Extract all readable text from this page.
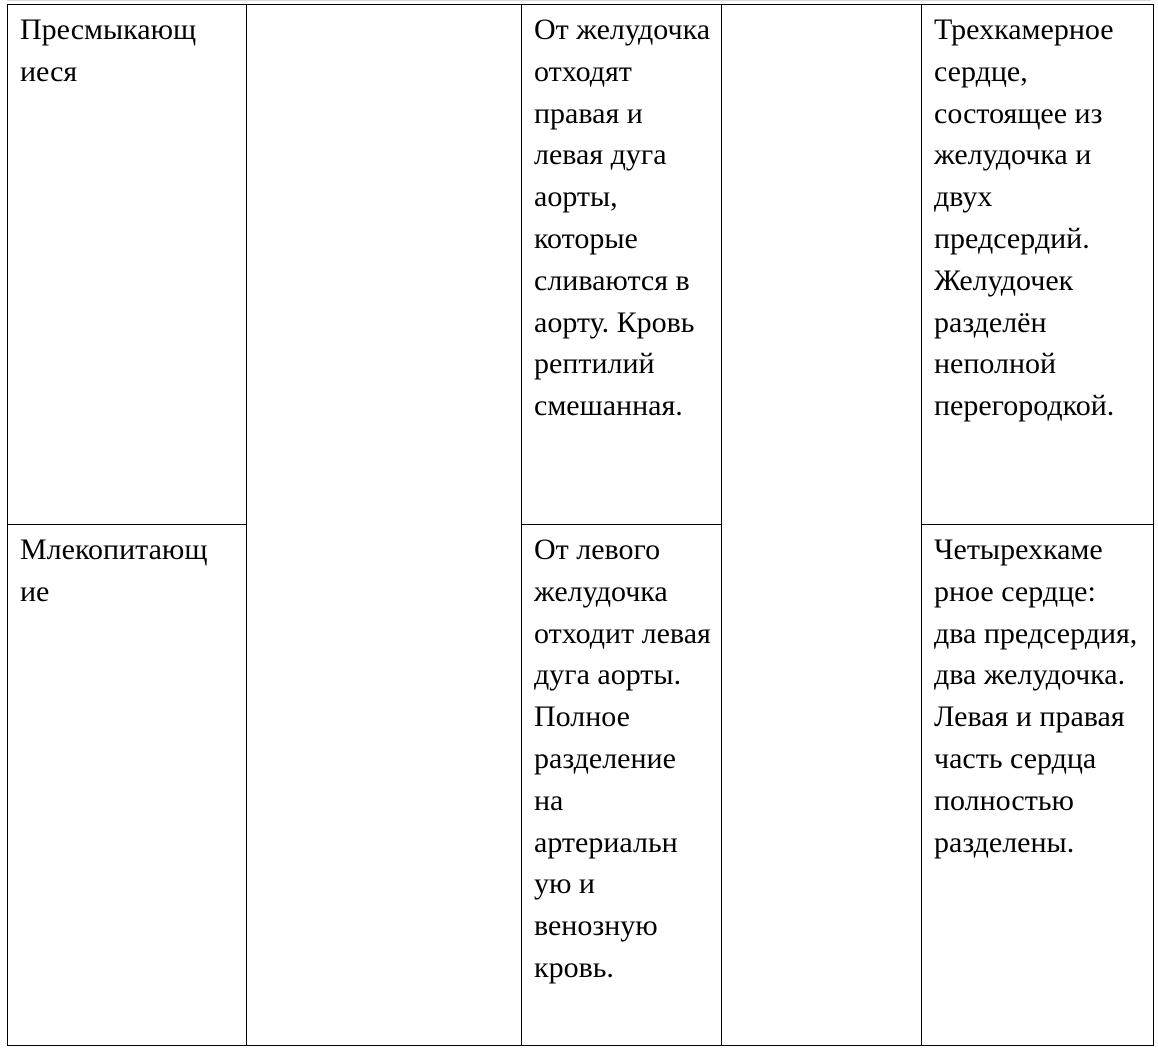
Пресмыкающ иеся		От желудочка отходят правая и левая дуга аорты, которые сливаются в аорту. Кровь рептилий смешанная.		Трехкамерное сердце, состоящее из желудочка и двух предсердий. Желудочек разделён неполной перегородкой.

Млекопитающ ие		От левого желудочка отходит левая дуга аорты. Полное разделение на артериальн ую и венозную кровь.		Четырехкаме рное сердце: два предсердия, два желудочка. Левая и правая часть сердца полностью разделены.
